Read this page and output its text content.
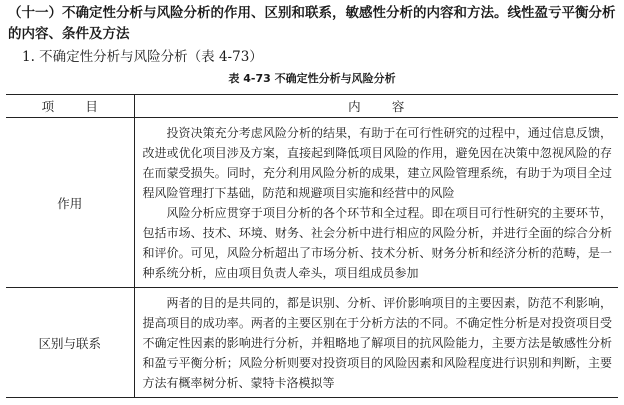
（十一）不确定性分析与风险分析的作用、区别和联系，敏感性分析的内容和方法。线性盈亏平衡分析的内容、条件及方法
1. 不确定性分析与风险分析（表 4-73）
表 4-73 不确定性分析与风险分析
项目	内容
作用	投资决策充分考虑风险分析的结果，有助于在可行性研究的过程中，通过信息反馈，改进或优化项目涉及方案，直接起到降低项目风险的作用，避免因在决策中忽视风险的存在而蒙受损失。同时，充分利用风险分析的成果，建立风险管理系统，有助于为项目全过程风险管理打下基础，防范和规避项目实施和经营中的风险

风险分析应贯穿于项目分析的各个环节和全过程。即在项目可行性研究的主要环节，包括市场、技术、环境、财务、社会分析中进行相应的风险分析，并进行全面的综合分析和评价。可见，风险分析超出了市场分析、技术分析、财务分析和经济分析的范畴，是一种系统分析，应由项目负责人牵头，项目组成员参加

区别与联系	两者的目的是共同的，都是识别、分析、评价影响项目的主要因素，防范不利影响，提高项目的成功率。两者的主要区别在于分析方法的不同。不确定性分析是对投资项目受不确定性因素的影响进行分析，并粗略地了解项目的抗风险能力，主要方法是敏感性分析和盈亏平衡分析；风险分析则要对投资项目的风险因素和风险程度进行识别和判断，主要方法有概率树分析、蒙特卡洛模拟等
